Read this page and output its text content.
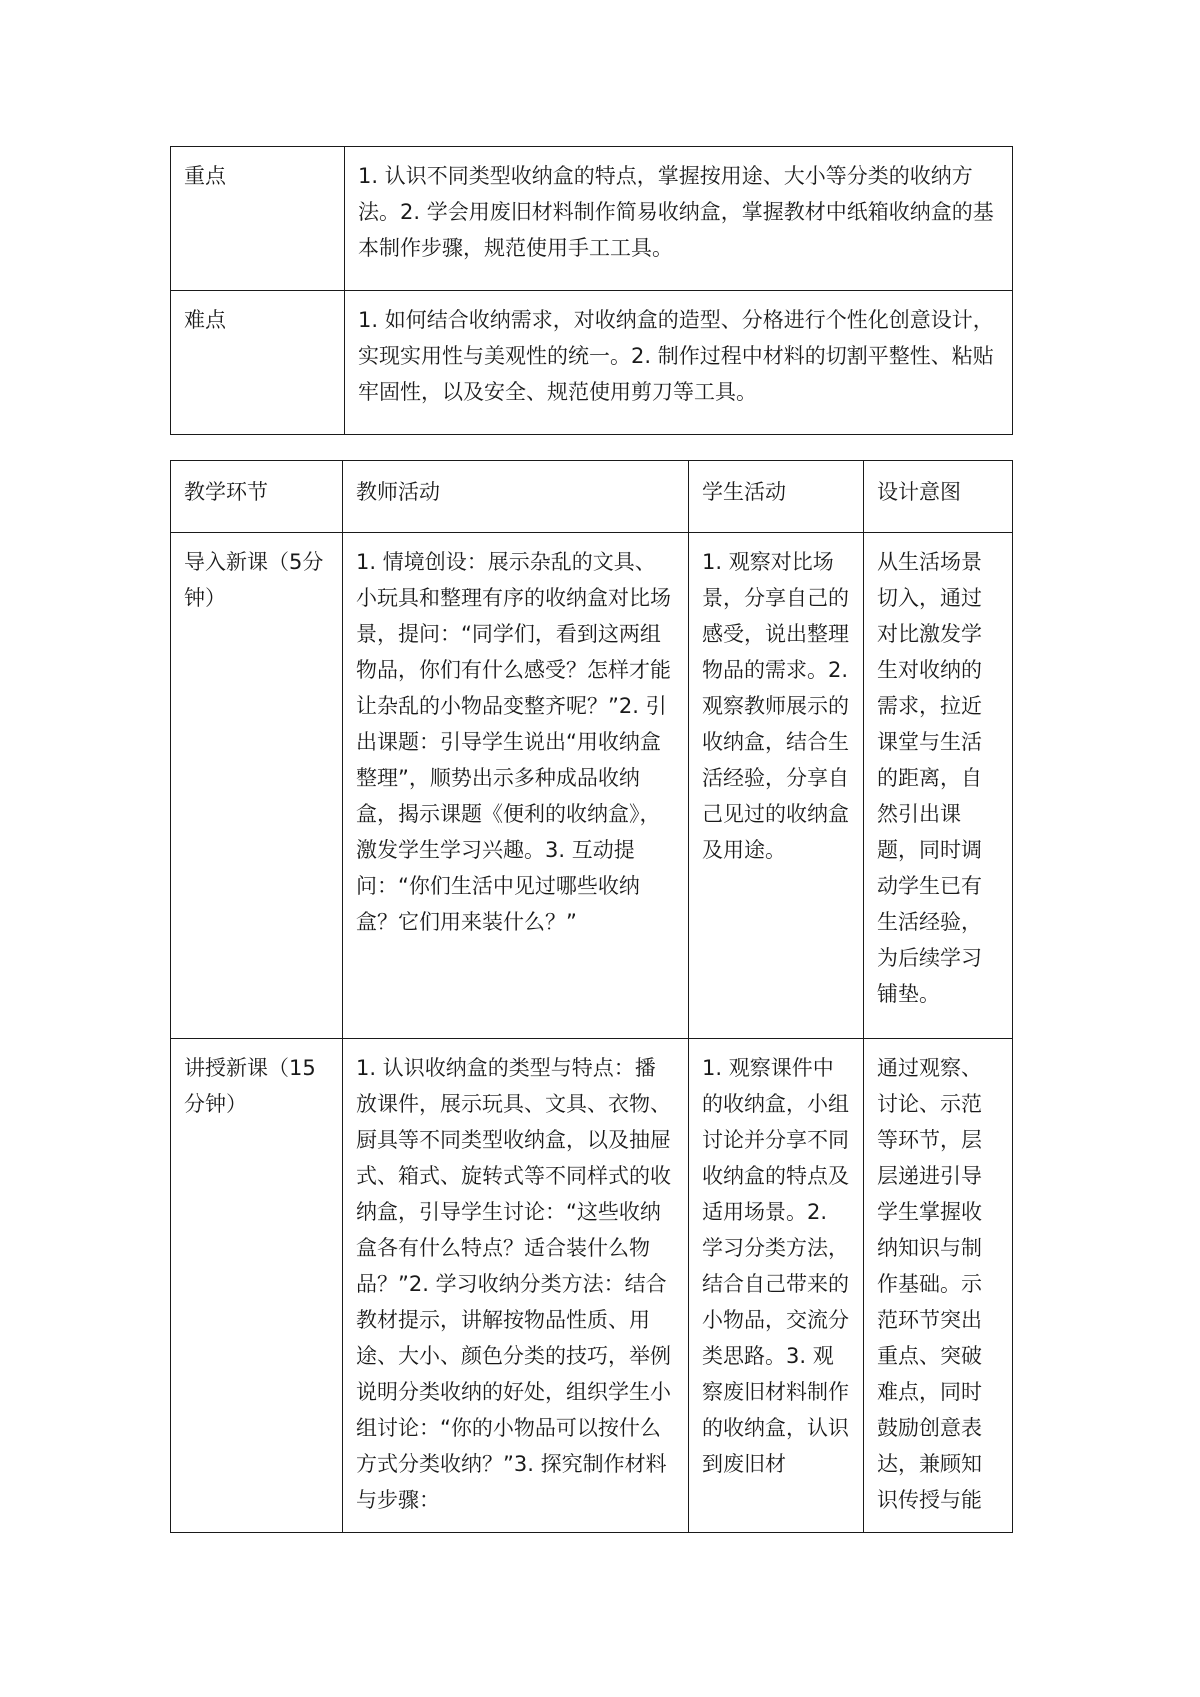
重点	1. 认识不同类型收纳盒的特点，掌握按用途、大小等分类的收纳方法。2. 学会用废旧材料制作简易收纳盒，掌握教材中纸箱收纳盒的基本制作步骤，规范使用手工工具。
难点	1. 如何结合收纳需求，对收纳盒的造型、分格进行个性化创意设计，实现实用性与美观性的统一。2. 制作过程中材料的切割平整性、粘贴牢固性，以及安全、规范使用剪刀等工具。
教学环节	教师活动	学生活动	设计意图
导入新课（5分钟）	1. 情境创设：展示杂乱的文具、小玩具和整理有序的收纳盒对比场景，提问：“同学们，看到这两组物品，你们有什么感受？怎样才能让杂乱的小物品变整齐呢？”2. 引出课题：引导学生说出“用收纳盒整理”，顺势出示多种成品收纳盒，揭示课题《便利的收纳盒》，激发学生学习兴趣。3. 互动提问：“你们生活中见过哪些收纳盒？它们用来装什么？”	1. 观察对比场景，分享自己的感受，说出整理物品的需求。2. 观察教师展示的收纳盒，结合生活经验，分享自己见过的收纳盒及用途。	从生活场景切入，通过对比激发学生对收纳的需求，拉近课堂与生活的距离，自然引出课题，同时调动学生已有生活经验，为后续学习铺垫。

讲授新课（15分钟）	1. 认识收纳盒的类型与特点：播放课件，展示玩具、文具、衣物、厨具等不同类型收纳盒，以及抽屉式、箱式、旋转式等不同样式的收纳盒，引导学生讨论：“这些收纳盒各有什么特点？适合装什么物品？”2. 学习收纳分类方法：结合教材提示，讲解按物品性质、用途、大小、颜色分类的技巧，举例说明分类收纳的好处，组织学生小组讨论：“你的小物品可以按什么方式分类收纳？”3. 探究制作材料与步骤：	1. 观察课件中的收纳盒，小组讨论并分享不同收纳盒的特点及适用场景。2. 学习分类方法，结合自己带来的小物品，交流分类思路。3. 观察废旧材料制作的收纳盒，认识到废旧材	通过观察、讨论、示范等环节，层层递进引导学生掌握收纳知识与制作基础。示范环节突出重点、突破难点，同时鼓励创意表达，兼顾知识传授与能
